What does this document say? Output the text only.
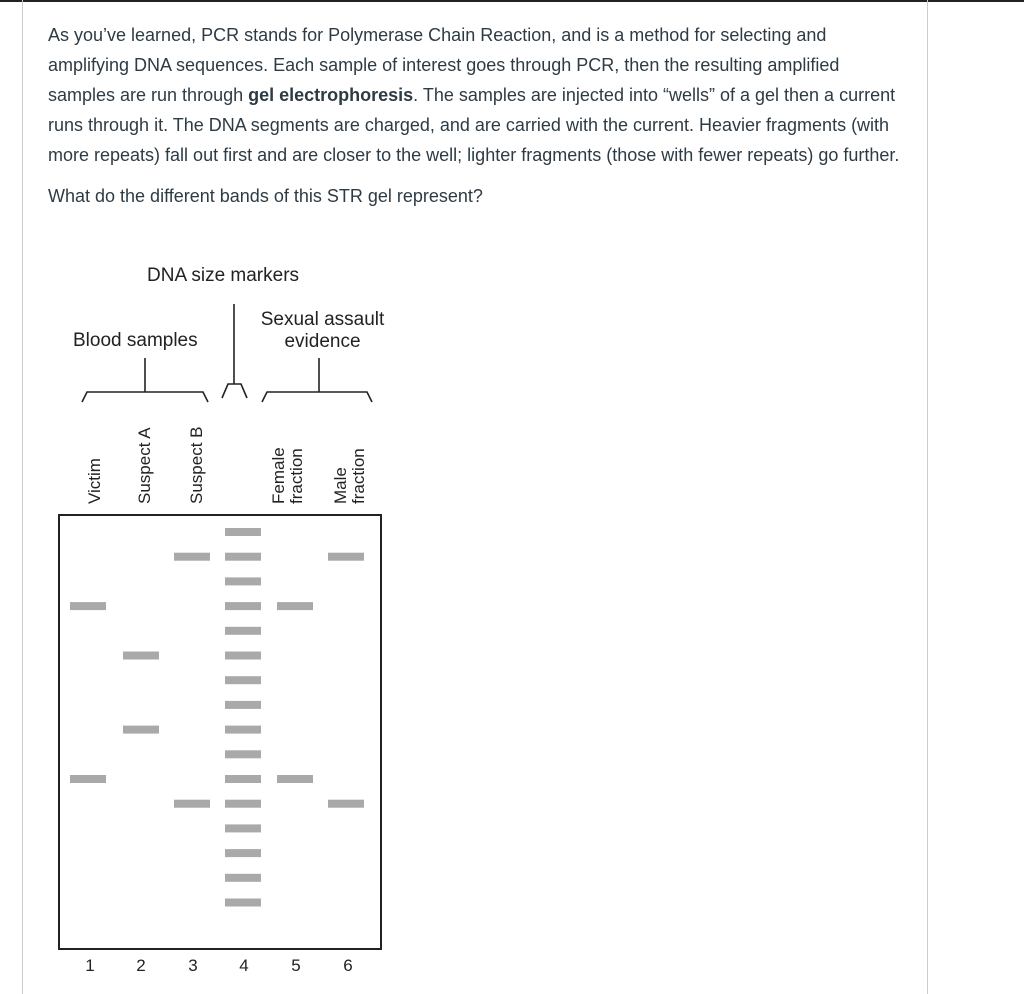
As you’ve learned, PCR stands for Polymerase Chain Reaction, and is a method for selecting and amplifying DNA sequences. Each sample of interest goes through PCR, then the resulting amplified samples are run through gel electrophoresis. The samples are injected into “wells” of a gel then a current runs through it. The DNA segments are charged, and are carried with the current. Heavier fragments (with more repeats) fall out first and are closer to the well; lighter fragments (those with fewer repeats) go further.

What do the different bands of this STR gel represent?

DNA size markers
Blood samples
Sexual assault
evidence
Victim Suspect A Suspect B	Female fraction Male fraction
1	2	3	4	5	6
